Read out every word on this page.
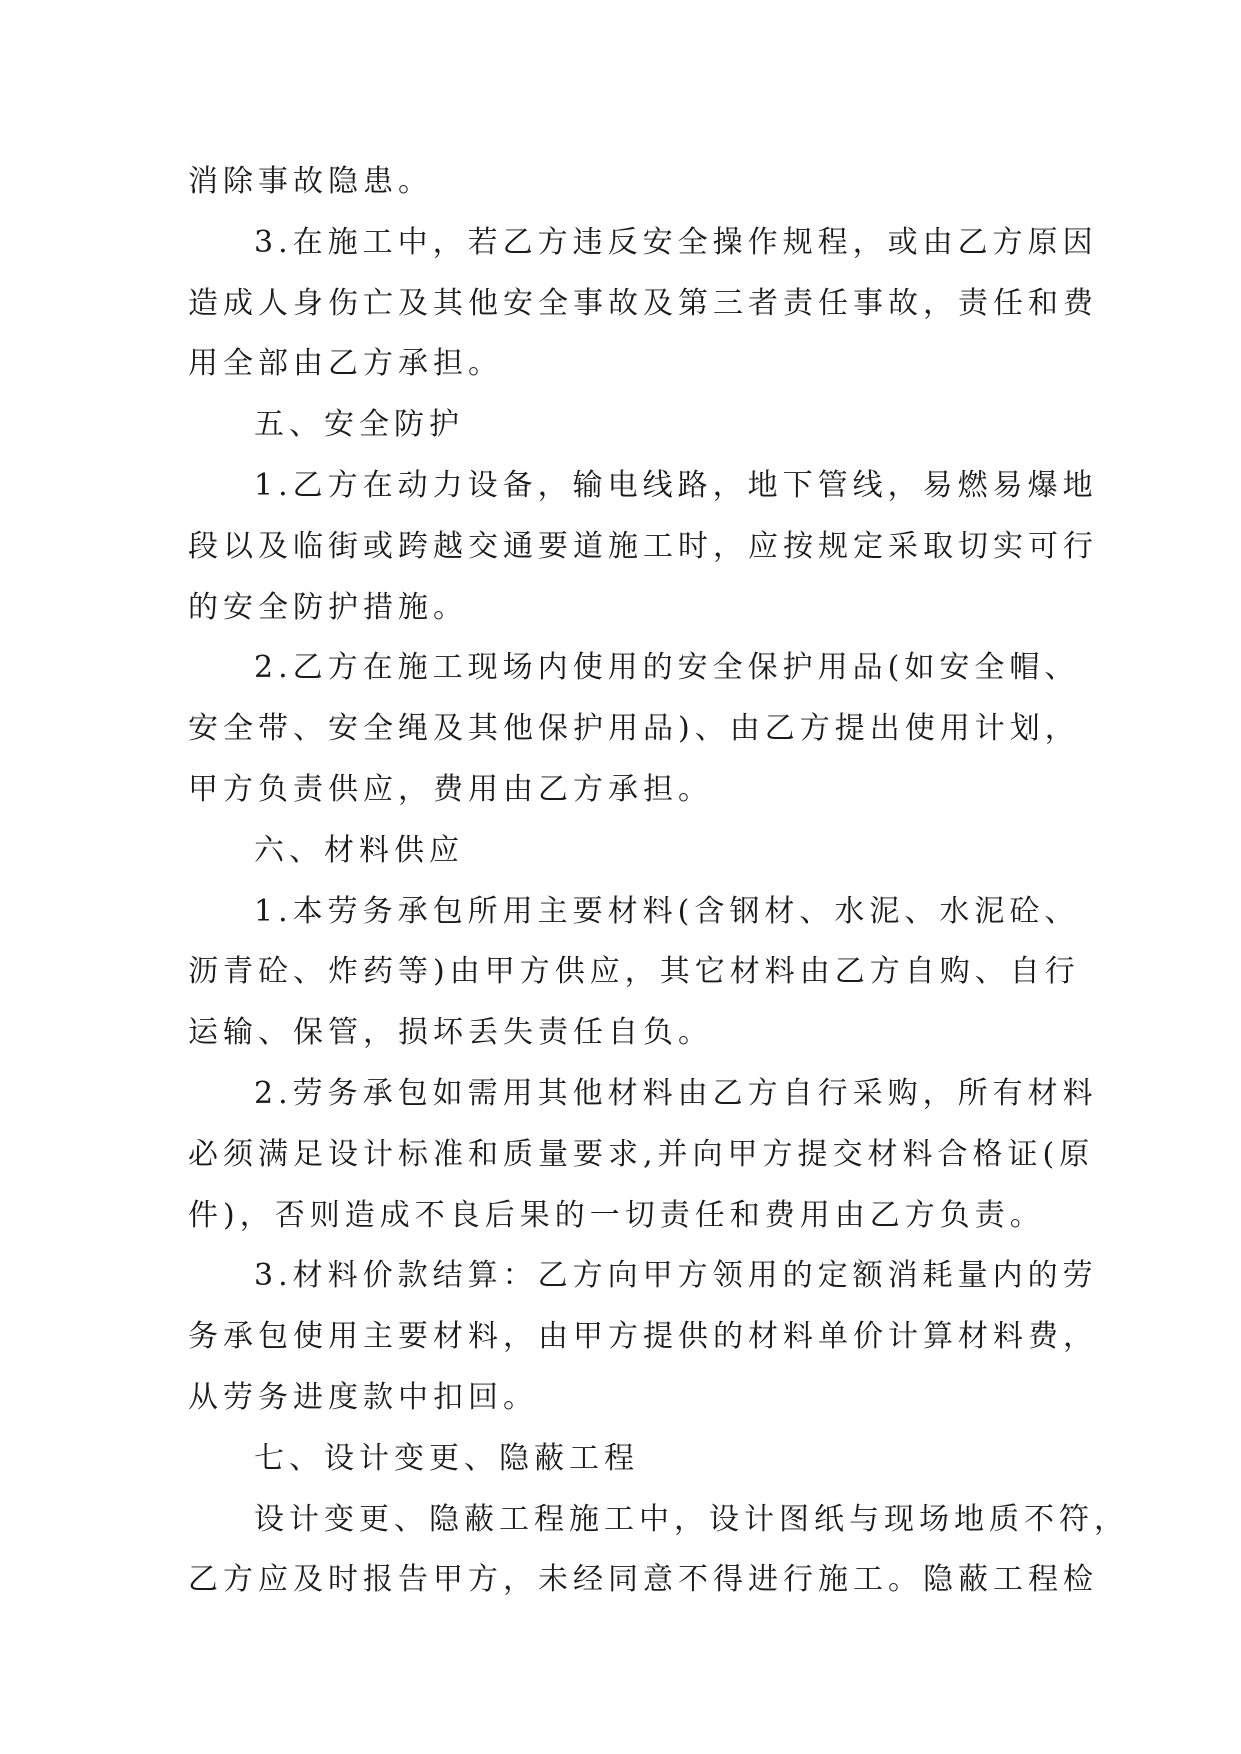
消除事故隐患。
3.在施工中，若乙方违反安全操作规程，或由乙方原因
造成人身伤亡及其他安全事故及第三者责任事故，责任和费
用全部由乙方承担。
五、安全防护
1.乙方在动力设备，输电线路，地下管线，易燃易爆地
段以及临街或跨越交通要道施工时，应按规定采取切实可行
的安全防护措施。
2.乙方在施工现场内使用的安全保护用品(如安全帽、
安全带、安全绳及其他保护用品)、由乙方提出使用计划，
甲方负责供应，费用由乙方承担。
六、材料供应
1.本劳务承包所用主要材料(含钢材、水泥、水泥砼、
沥青砼、炸药等)由甲方供应，其它材料由乙方自购、自行
运输、保管，损坏丢失责任自负。
2.劳务承包如需用其他材料由乙方自行采购，所有材料
必须满足设计标准和质量要求,并向甲方提交材料合格证(原
件)，否则造成不良后果的一切责任和费用由乙方负责。
3.材料价款结算：乙方向甲方领用的定额消耗量内的劳
务承包使用主要材料，由甲方提供的材料单价计算材料费，
从劳务进度款中扣回。
七、设计变更、隐蔽工程
设计变更、隐蔽工程施工中，设计图纸与现场地质不符，
乙方应及时报告甲方，未经同意不得进行施工。隐蔽工程检
